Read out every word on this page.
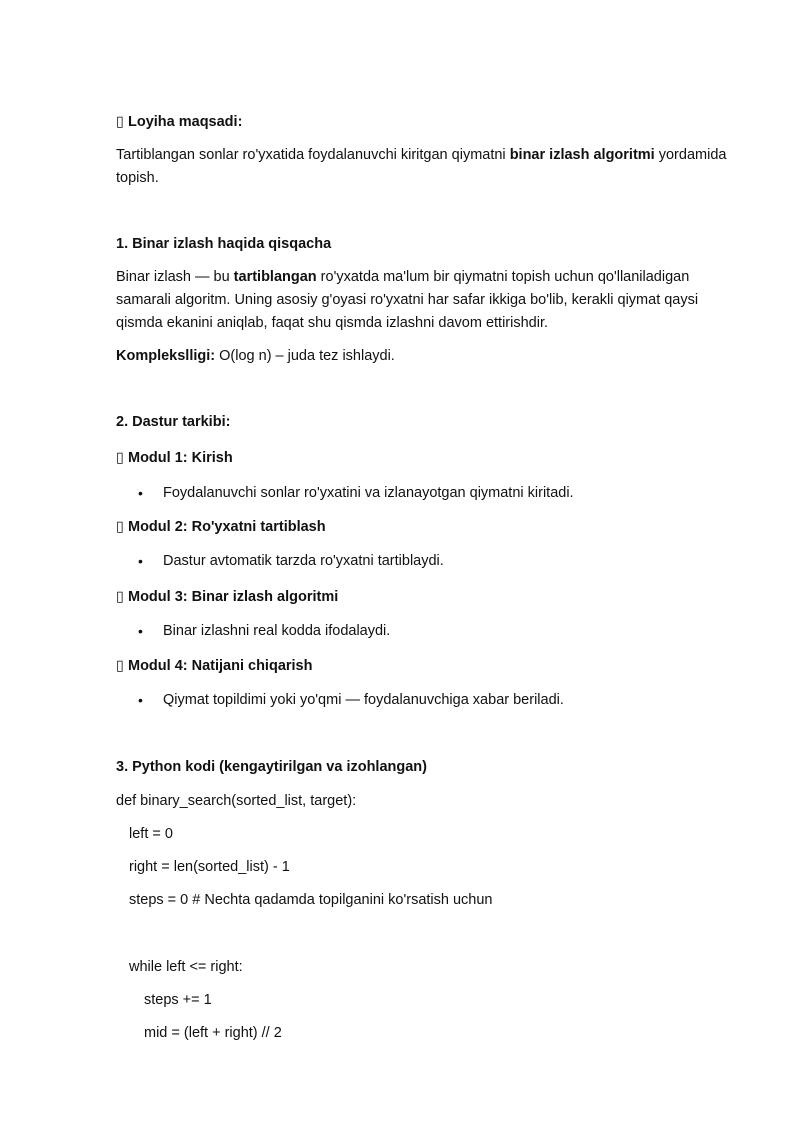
▯ Loyiha maqsadi:
Tartiblangan sonlar ro'yxatida foydalanuvchi kiritgan qiymatni binar izlash algoritmi yordamida
topish.
1. Binar izlash haqida qisqacha
Binar izlash — bu tartiblangan ro'yxatda ma'lum bir qiymatni topish uchun qo'llaniladigan
samarali algoritm. Uning asosiy g'oyasi ro'yxatni har safar ikkiga bo'lib, kerakli qiymat qaysi
qismda ekanini aniqlab, faqat shu qismda izlashni davom ettirishdir.
Komplekslligi: O(log n) – juda tez ishlaydi.
2. Dastur tarkibi:
▯ Modul 1: Kirish
• Foydalanuvchi sonlar ro'yxatini va izlanayotgan qiymatni kiritadi.
▯ Modul 2: Ro'yxatni tartiblash
• Dastur avtomatik tarzda ro'yxatni tartiblaydi.
▯ Modul 3: Binar izlash algoritmi
• Binar izlashni real kodda ifodalaydi.
▯ Modul 4: Natijani chiqarish
• Qiymat topildimi yoki yo'qmi — foydalanuvchiga xabar beriladi.
3. Python kodi (kengaytirilgan va izohlangan)
def binary_search(sorted_list, target):
left = 0
right = len(sorted_list) - 1
steps = 0 # Nechta qadamda topilganini ko'rsatish uchun
while left <= right:
steps += 1
mid = (left + right) // 2
